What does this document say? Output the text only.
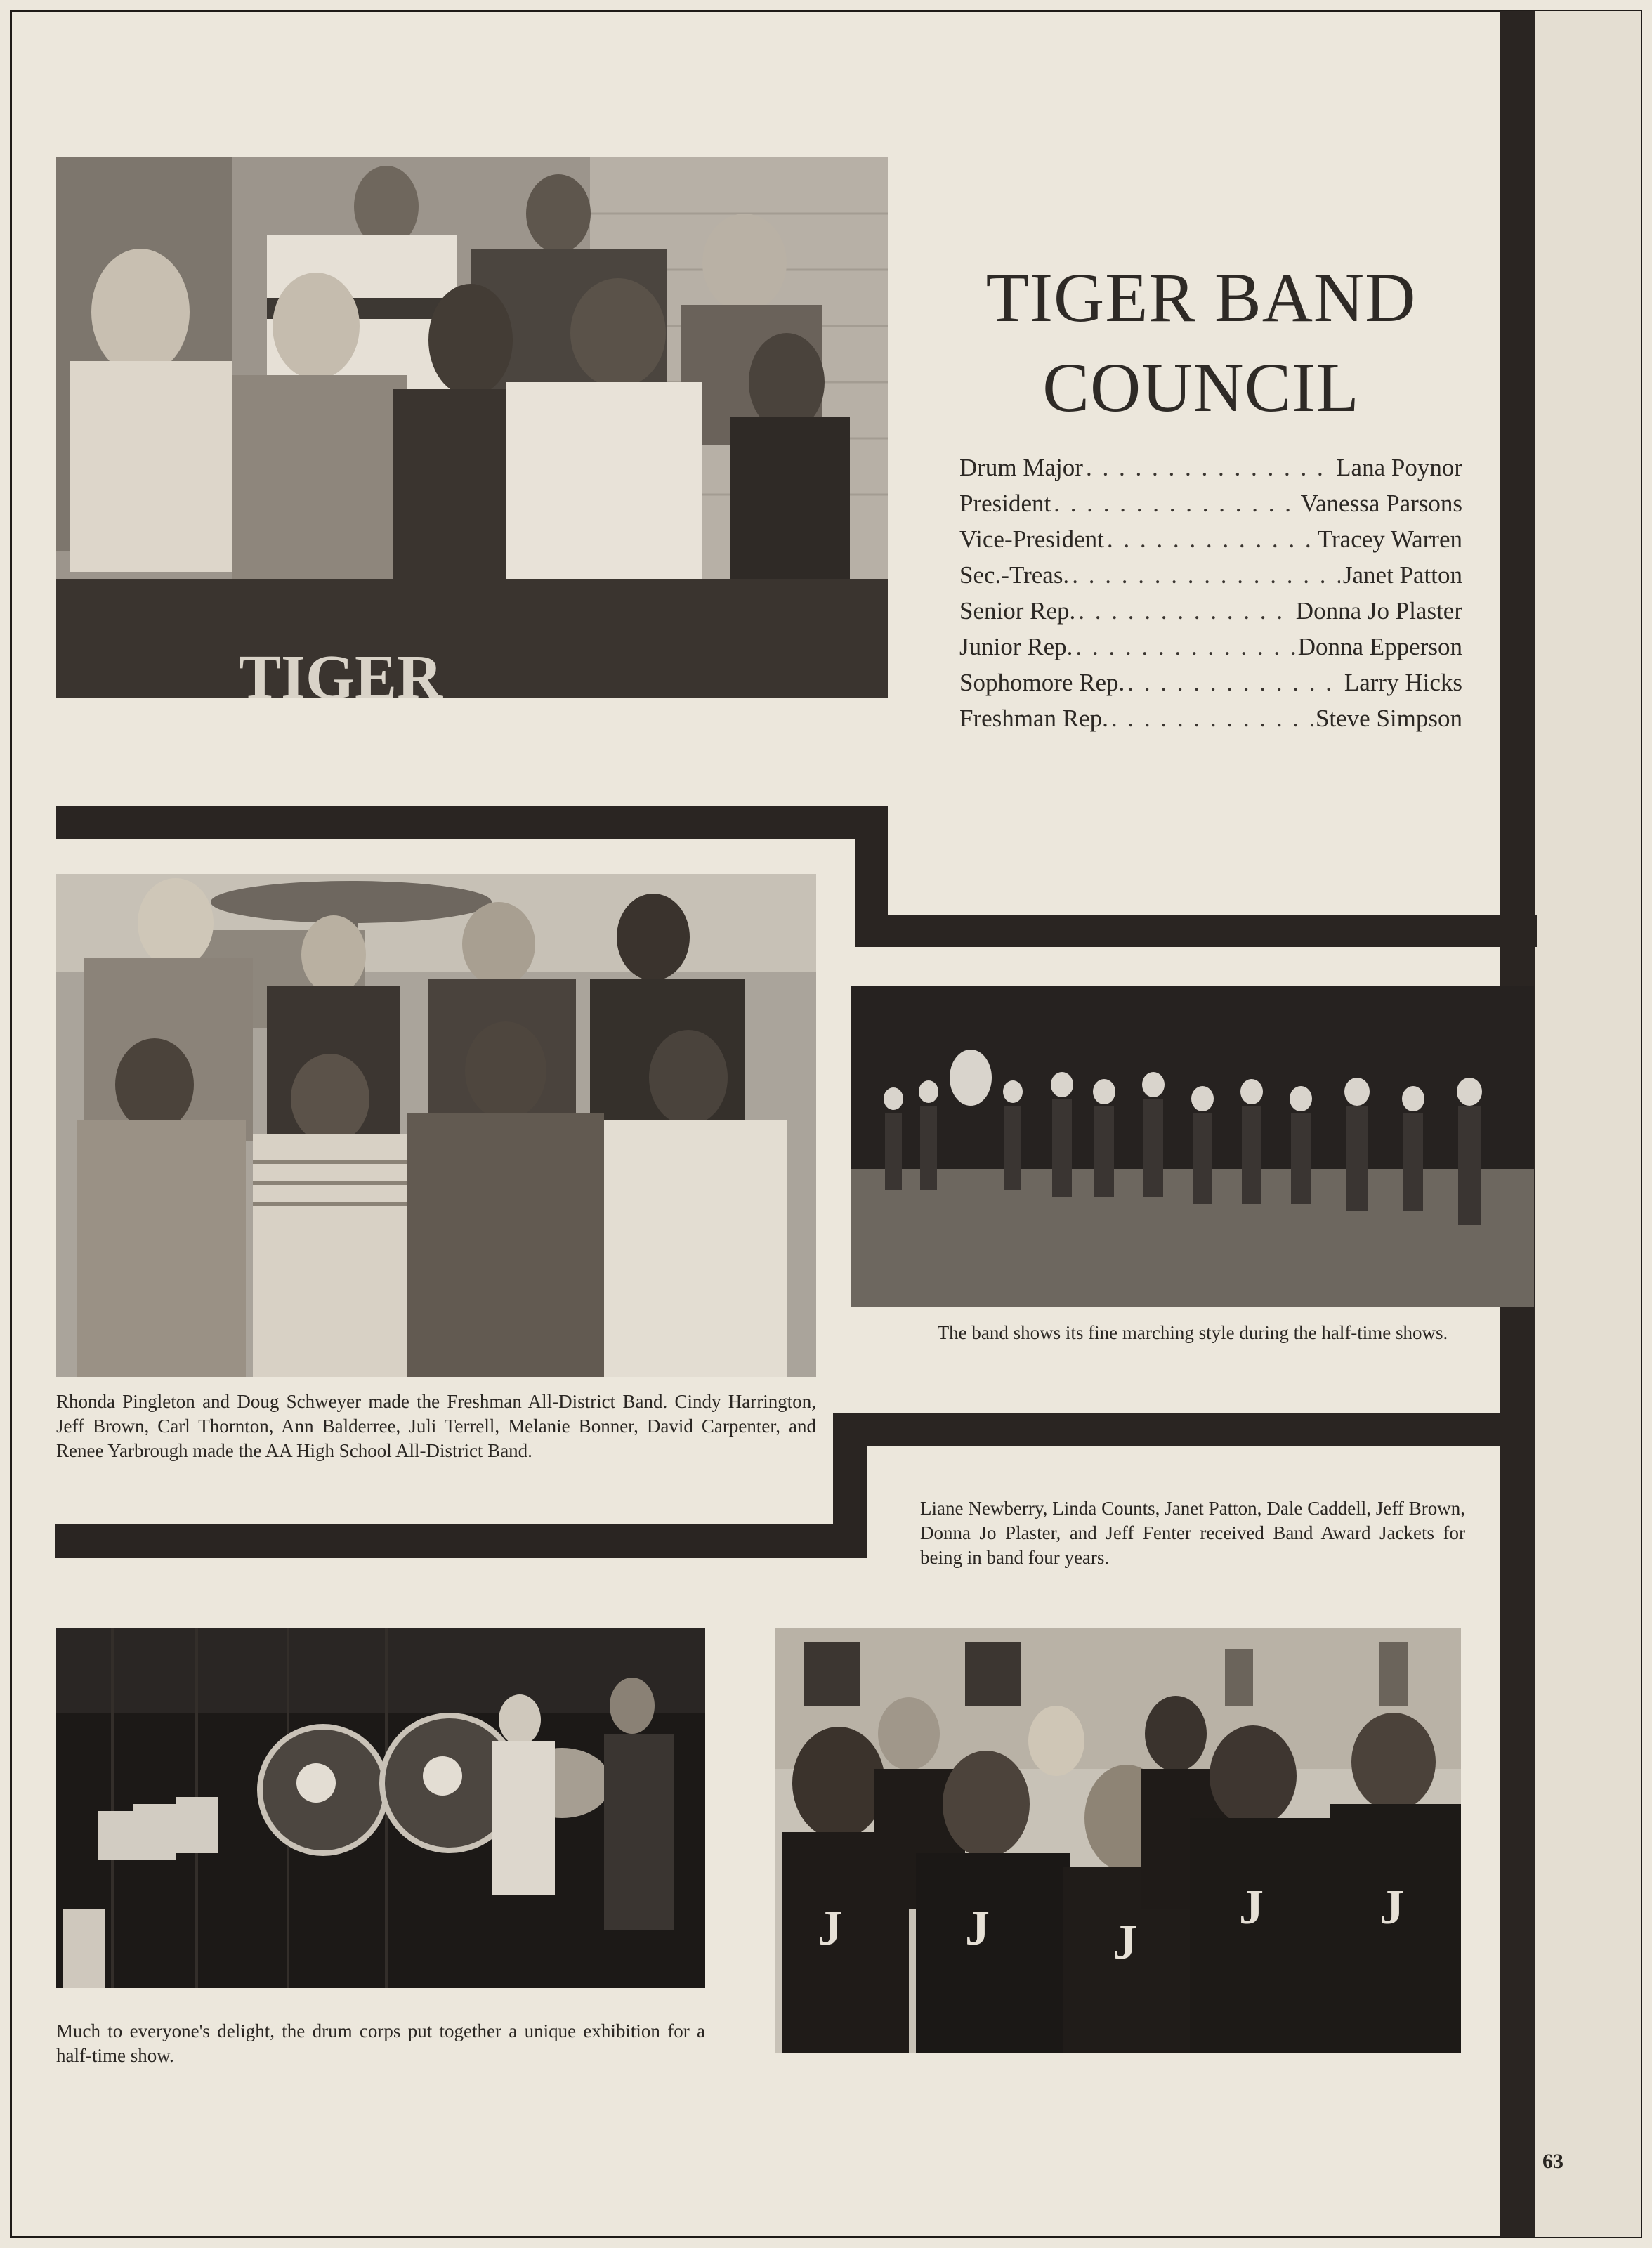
TIGER
TIGER BAND
COUNCIL
Drum Major . . .	Lana Poynor
President . . .	Vanessa Parsons
Vice-President . . .	Tracey Warren
Sec.-Treas. . . .	Janet Patton
Senior Rep. . . .	Donna Jo Plaster
Junior Rep. . . .	Donna Epperson
Sophomore Rep. . . .	Larry Hicks
Freshman Rep. . . .	Steve Simpson
Rhonda Pingleton and Doug Schweyer made the Freshman All-District Band. Cindy Harrington, Jeff Brown, Carl Thornton, Ann Balderree, Juli Terrell, Melanie Bonner, David Carpenter, and Renee Yarbrough made the AA High School All-District Band.
The band shows its fine marching style during the half-time shows.
Liane Newberry, Linda Counts, Janet Patton, Dale Caddell, Jeff Brown, Donna Jo Plaster, and Jeff Fenter received Band Award Jackets for being in band four years.
Much to everyone's delight, the drum corps put together a unique exhibition for a half-time show.
J	J	J
J J
63
